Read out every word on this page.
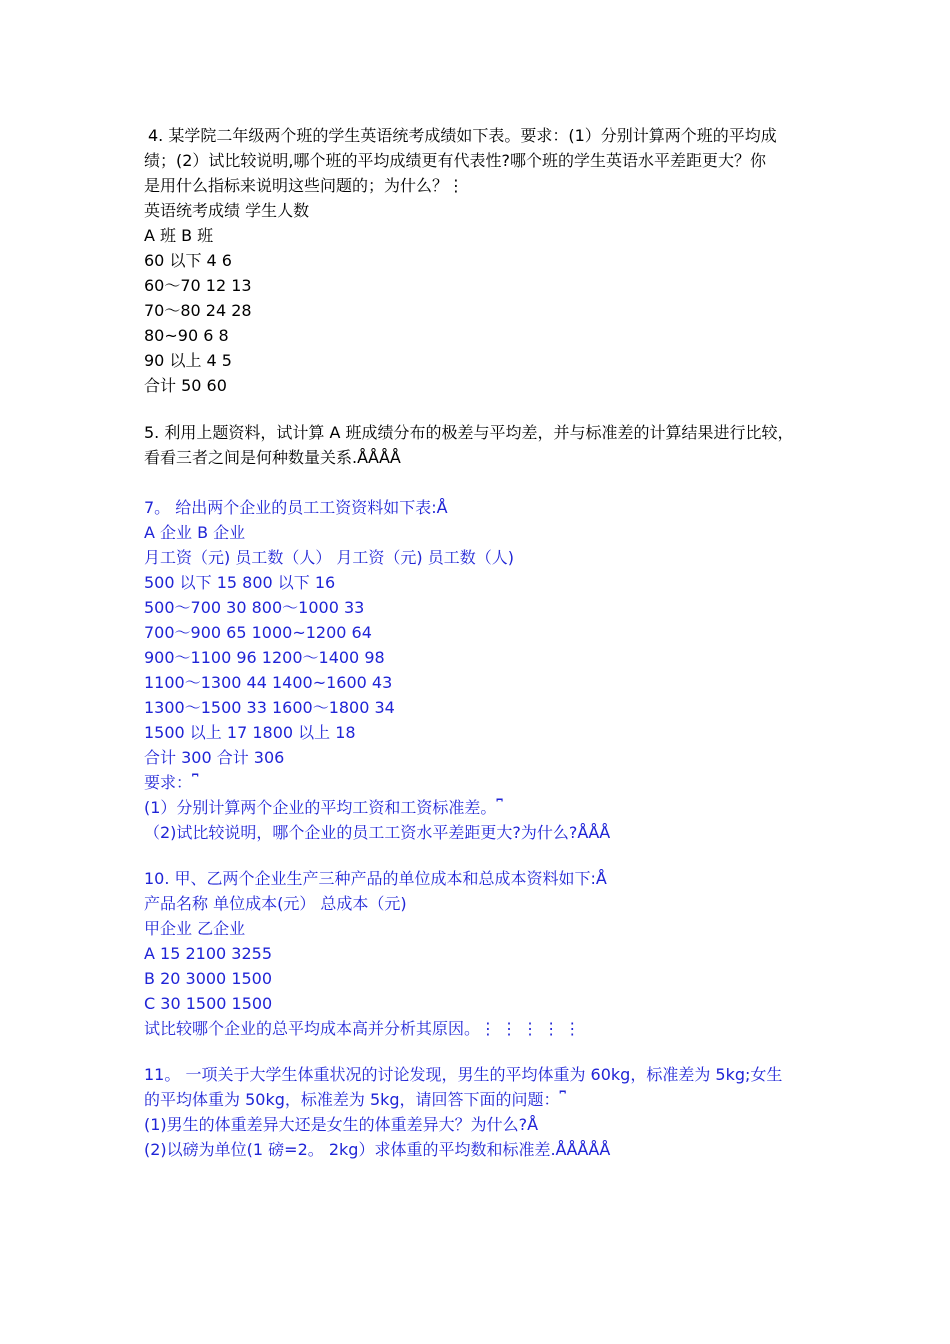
4. 某学院二年级两个班的学生英语统考成绩如下表。要求：(1）分别计算两个班的平均成
绩；(2）试比较说明,哪个班的平均成绩更有代表性?哪个班的学生英语水平差距更大？你
是用什么指标来说明这些问题的；为什么？⋮
英语统考成绩 学生人数
A 班 B 班
60 以下 4 6
60～70 12 13
70～80 24 28
80~90 6 8
90 以上 4 5
合计 50 60
5. 利用上题资料，试计算 A 班成绩分布的极差与平均差，并与标准差的计算结果进行比较，
看看三者之间是何种数量关系.ÅÅÅÅ
7。 给出两个企业的员工工资资料如下表:Å
A 企业 B 企业
月工资（元) 员工数（人） 月工资（元) 员工数（人)
500 以下 15 800 以下 16
500～700 30 800～1000 33
700～900 65 1000~1200 64
900～1100 96 1200～1400 98
1100～1300 44 1400~1600 43
1300～1500 33 1600～1800 34
1500 以上 17 1800 以上 18
合计 300 合计 306
要求：⎴
(1）分别计算两个企业的平均工资和工资标准差。⎴
（2)试比较说明，哪个企业的员工工资水平差距更大?为什么?ÅÅÅ
10. 甲、乙两个企业生产三种产品的单位成本和总成本资料如下:Å
产品名称 单位成本(元） 总成本（元)
甲企业 乙企业
A 15 2100 3255
B 20 3000 1500
C 30 1500 1500
试比较哪个企业的总平均成本高并分析其原因。⋮ ⋮ ⋮ ⋮ ⋮
11。 一项关于大学生体重状况的讨论发现，男生的平均体重为 60kg，标准差为 5kg;女生
的平均体重为 50kg，标准差为 5kg，请回答下面的问题：⎴
(1)男生的体重差异大还是女生的体重差异大？为什么?Å
(2)以磅为单位(1 磅=2。 2kg）求体重的平均数和标准差.ÅÅÅÅÅ
